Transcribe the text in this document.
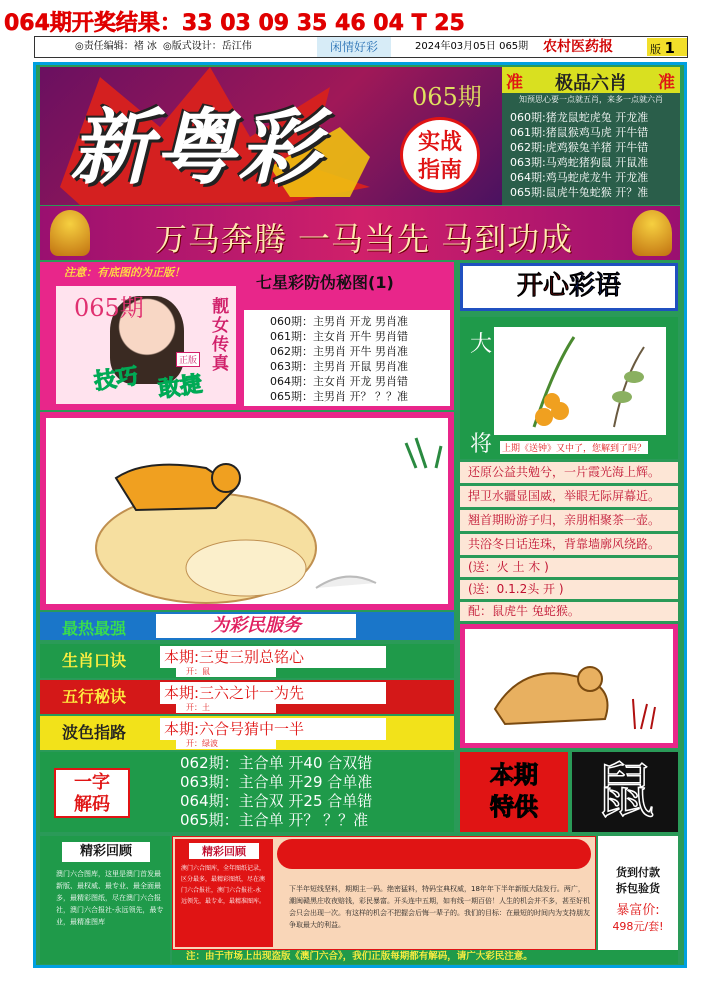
064期开奖结果：33 03 09 35 46 04 T 25
◎责任编辑：褚 冰 ◎版式设计：岳江伟	闲情好彩	2024年03月05日 065期 农村医药报	版 1
新粤彩
065期
实战
指南
准	极品六肖	准
知预思心要一点就五肖，来多一点就六肖
060期:猪龙鼠蛇虎兔 开龙准
061期:猪鼠猴鸡马虎 开牛错
062期:虎鸡猴兔羊猪 开牛错
063期:马鸡蛇猪狗鼠 开鼠准
064期:鸡马蛇虎龙牛 开龙准
065期:鼠虎牛兔蛇猴 开？准
万马奔腾 一马当先 马到功成
注意：有底图的为正版！
065期	靓女传真
正版
技巧 敢捷
七星彩防伪秘图(1)
060期：主男肖 开龙 男肖准
061期：主女肖 开牛 男肖错
062期：主男肖 开牛 男肖准
063期：主男肖 开鼠 男肖准
064期：主女肖 开龙 男肖错
065期：主男肖 开？ ？？准
开心彩语
大
将 上期《送钟》又中了，您解到了吗？
还原公益共勉兮，一片霞光海上辉。
捍卫水疆显国威，举眼无际屏幕近。
翘首期盼游子归，亲朋相聚茶一壶。
共浴冬日话连珠，背靠墙廓风绕路。
(送：火 土 木 )
(送：0.1.2头 开 )
配：鼠虎牛 兔蛇猴。
最热最强	为彩民服务
生肖口诀	本期:三吏三别总铭心
开：鼠
五行秘诀	本期:三六之计一为先
开：土
波色指路	本期:六合号猜中一半
开：绿波
一字
解码
062期：主合单 开40 合双错
063期：主合单 开29 合单准
064期：主合双 开25 合单错
065期：主合单 开？ ？？准
本期
特供 鼠
精彩回顾
澳门六合图库，这里是澳门首发最新版、最权威、最专业、最全面最多，最精彩图纸，尽在澳门六合报社，澳门六合报社-永远领先，最专业，最精准图库
精彩回顾
澳门六合图库，全年图纸记录，区分最多，最精彩图纸，尽在澳门六合报社，澳门六合报社-永远领先，最专业，最精准图库。
下半年短线坚料，期期主一码。绝密猛料，特码宝典权威，18年年下半年新版大陆发行。两广，潮闽赣黑庄收夜赔钱，彩民暴富。开头连中五期，如有线一期百倍！人生的机会并不多，甚至好机会只会出现一次。有这样的机会不把握会后悔一辈子的。我们的目标：在最短的时间内为支持朋友争取最大的利益。
货到付款
拆包验货
暴富价:
498元/套!
注：由于市场上出现盗版《澳门六合》，我们正版每期都有解码，请广大彩民注意。
